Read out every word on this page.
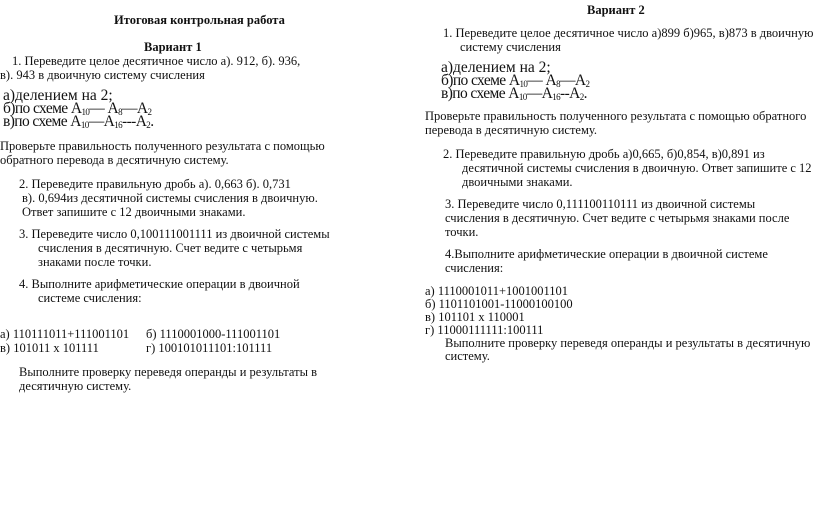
Итоговая контрольная работа
Вариант 1
1. Переведите целое десятичное число а). 912, б). 936,
в). 943 в двоичную систему счисления
а)делением на 2;
б)по схеме $А_{10}—$ $А_8—А_2$
в)по схеме $А_{10}—А_{16}---А_2$.
Проверьте правильность полученного результата с помощью
обратного перевода в десятичную систему.
2. Переведите правильную дробь а). 0,663 б). 0,731
в). 0,694из десятичной системы счисления в двоичную.
Ответ запишите с 12 двоичными знаками.
3. Переведите число 0,100111001111 из двоичной системы
счисления в десятичную. Счет ведите с четырьмя
знаками после точки.
4. Выполните арифметические операции в двоичной
системе счисления:
а) 110111011+111001101 б) 1110001000-111001101
в) 101011 х 101111	г) 100101011101:101111
Выполните проверку переведя операнды и результаты в
десятичную систему.
Вариант 2
1. Переведите целое десятичное число а)899 б)965, в)873 в двоичную
систему счисления
а)делением на 2;
б)по схеме $А_{10}—$ $А_8—А_2$
в)по схеме $А_{10}—А_{16}--А_2$.
Проверьте правильность полученного результата с помощью обратного
перевода в десятичную систему.
2. Переведите правильную дробь а)0,665, б)0,854, в)0,891 из
десятичной системы счисления в двоичную. Ответ запишите с 12
двоичными знаками.
3. Переведите число 0,111100110111 из двоичной системы
счисления в десятичную. Счет ведите с четырьмя знаками после
точки.
4.Выполните арифметические операции в двоичной системе
счисления:
а) 1110001011+1001001101
б) 1101101001-11000100100
в) 101101 х 110001
г) 11000111111:100111
Выполните проверку переведя операнды и результаты в десятичную
систему.
